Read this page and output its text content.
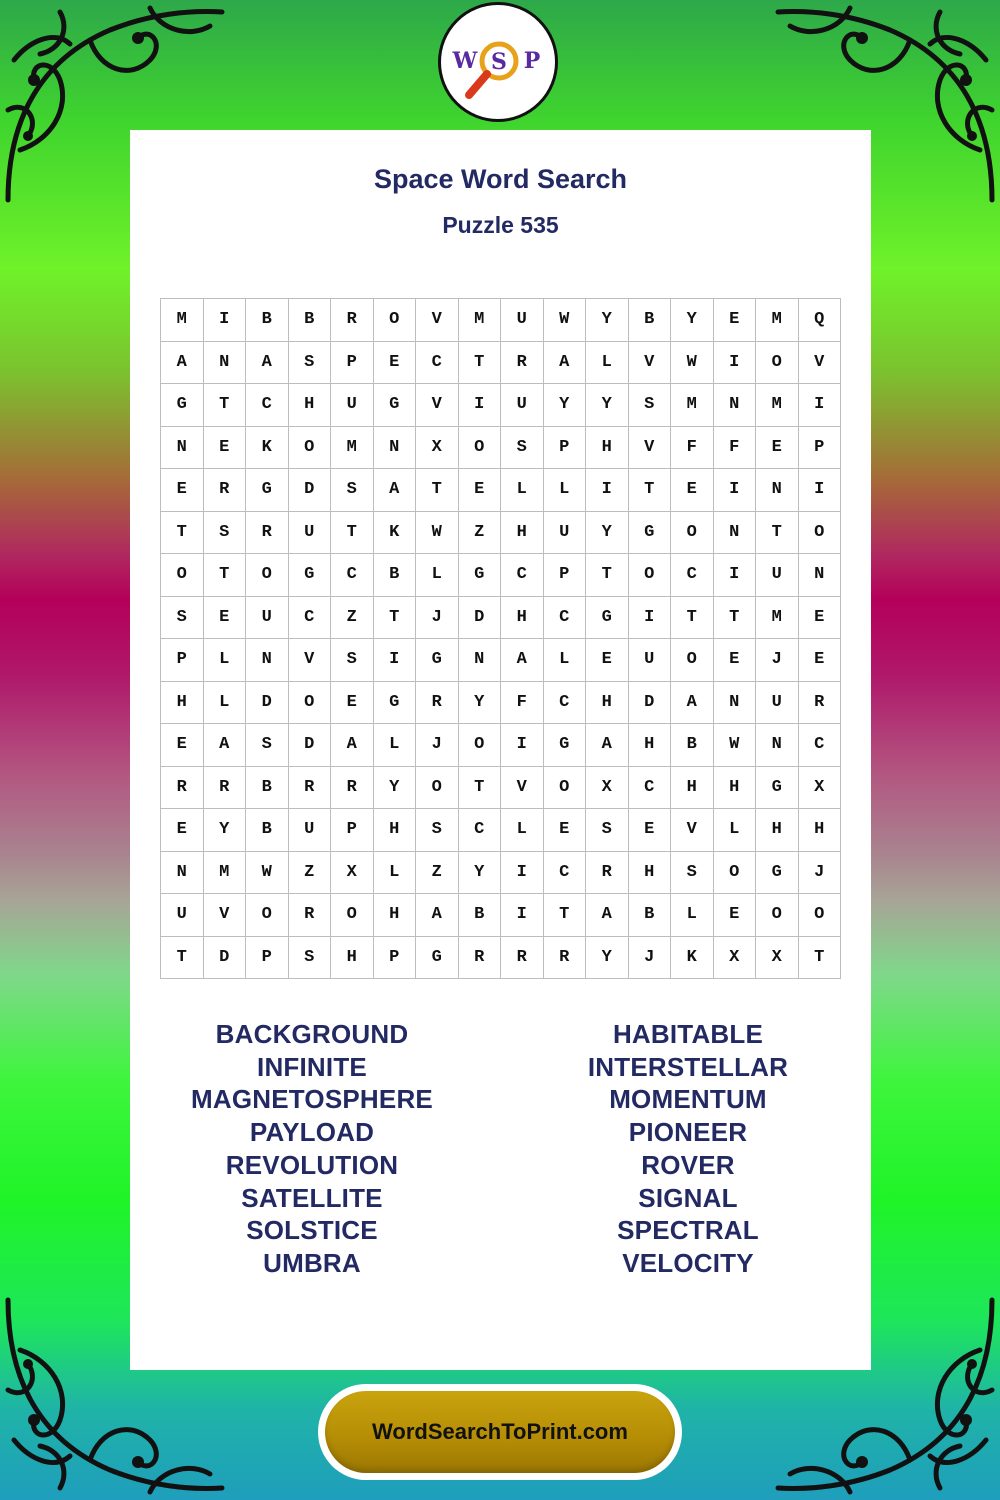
W S P
Space Word Search
Puzzle 535
M	I	B	B	R	O	V	M	U	W	Y	B	Y	E	M	Q
A	N	A	S	P	E	C	T	R	A	L	V	W	I	O	V
G	T	C	H	U	G	V	I	U	Y	Y	S	M	N	M	I
N	E	K	O	M	N	X	O	S	P	H	V	F	F	E	P
E	R	G	D	S	A	T	E	L	L	I	T	E	I	N	I
T	S	R	U	T	K	W	Z	H	U	Y	G	O	N	T	O
O	T	O	G	C	B	L	G	C	P	T	O	C	I	U	N
S	E	U	C	Z	T	J	D	H	C	G	I	T	T	M	E
P	L	N	V	S	I	G	N	A	L	E	U	O	E	J	E
H	L	D	O	E	G	R	Y	F	C	H	D	A	N	U	R
E	A	S	D	A	L	J	O	I	G	A	H	B	W	N	C
R	R	B	R	R	Y	O	T	V	O	X	C	H	H	G	X
E	Y	B	U	P	H	S	C	L	E	S	E	V	L	H	H
N	M	W	Z	X	L	Z	Y	I	C	R	H	S	O	G	J
U	V	O	R	O	H	A	B	I	T	A	B	L	E	O	O
T	D	P	S	H	P	G	R	R	R	Y	J	K	X	X	T
BACKGROUND
INFINITE
MAGNETOSPHERE
PAYLOAD
REVOLUTION
SATELLITE
SOLSTICE
UMBRA
HABITABLE
INTERSTELLAR
MOMENTUM
PIONEER
ROVER
SIGNAL
SPECTRAL
VELOCITY
WordSearchToPrint.com
